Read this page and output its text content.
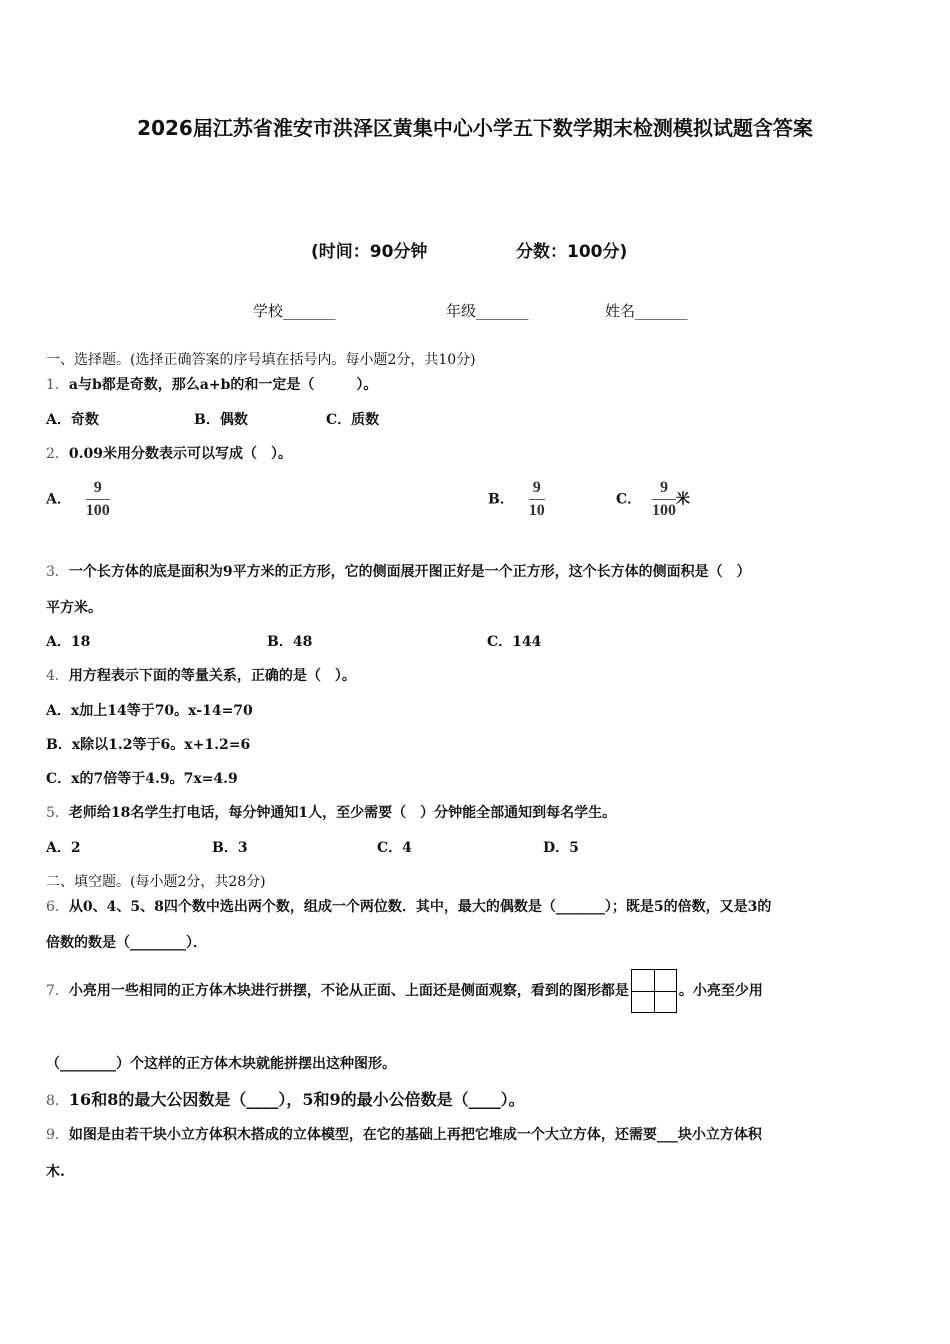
2026届江苏省淮安市洪泽区黄集中心小学五下数学期末检测模拟试题含答案
(时间：90分钟	分数：100分)
学校_______	年级_______	姓名_______
一、选择题。(选择正确答案的序号填在括号内。每小题2分，共10分)
1．a与b都是奇数，那么a+b的和一定是（　　　）。
A．奇数	B．偶数	C．质数
2．0.09米用分数表示可以写成（　）。
A． $\frac{9}{100}$	B． $\frac{9}{10}$	C． $\frac{9}{100}$ 米
3．一个长方体的底是面积为9平方米的正方形，它的侧面展开图正好是一个正方形，这个长方体的侧面积是（　）
平方米。
A．18	B．48	C．144
4．用方程表示下面的等量关系，正确的是（　）。
A．x加上14等于70。x-14=70
B．x除以1.2等于6。x+1.2=6
C．x的7倍等于4.9。7x=4.9
5．老师给18名学生打电话，每分钟通知1人，至少需要（　）分钟能全部通知到每名学生。
A．2	B．3	C．4	D．5
二、填空题。(每小题2分，共28分)
6．从0、4、5、8四个数中选出两个数，组成一个两位数．其中，最大的偶数是（_______）；既是5的倍数，又是3的
倍数的数是（________）．
7．小亮用一些相同的正方体木块进行拼摆，不论从正面、上面还是侧面观察，看到的图形都是	。小亮至少用
（________）个这样的正方体木块就能拼摆出这种图形。
8．16和8的最大公因数是（____），5和9的最小公倍数是（____）。
9．如图是由若干块小立方体积木搭成的立体模型，在它的基础上再把它堆成一个大立方体，还需要___块小立方体积
木.
